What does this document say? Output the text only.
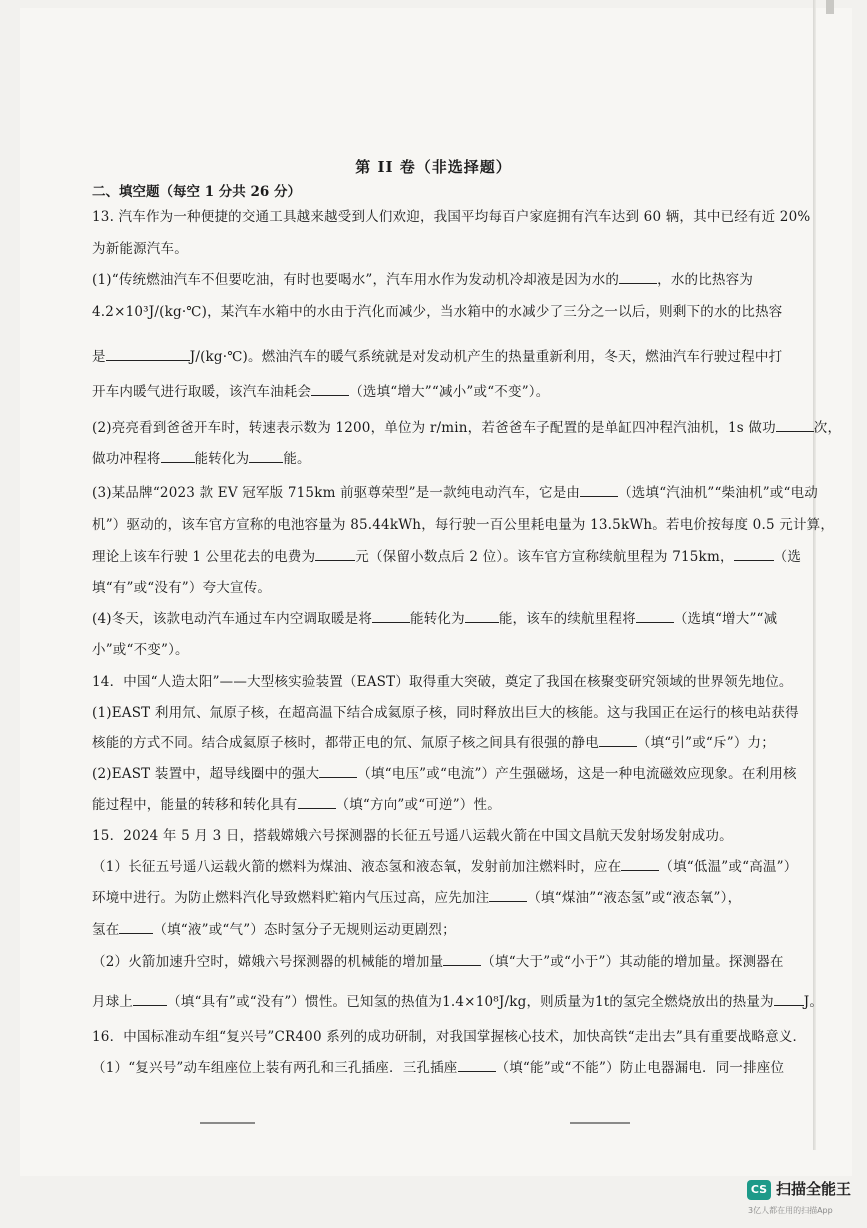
第 II 卷（非选择题）
二、填空题（每空 1 分共 26 分）
13. 汽车作为一种便捷的交通工具越来越受到人们欢迎，我国平均每百户家庭拥有汽车达到 60 辆，其中已经有近 20%
为新能源汽车。
(1)“传统燃油汽车不但要吃油，有时也要喝水”，汽车用水作为发动机冷却液是因为水的	，水的比热容为
4.2×10³J/(kg·℃)，某汽车水箱中的水由于汽化而减少，当水箱中的水减少了三分之一以后，则剩下的水的比热容
是	J/(kg·℃)。燃油汽车的暖气系统就是对发动机产生的热量重新利用，冬天，燃油汽车行驶过程中打
开车内暖气进行取暖，该汽车油耗会	（选填“增大”“减小”或“不变”）。
(2)亮亮看到爸爸开车时，转速表示数为 1200，单位为 r/min，若爸爸车子配置的是单缸四冲程汽油机，1s 做功	次，
做功冲程将	能转化为	能。
(3)某品牌“2023 款 EV 冠军版 715km 前驱尊荣型”是一款纯电动汽车，它是由	（选填“汽油机”“柴油机”或“电动
机”）驱动的，该车官方宣称的电池容量为 85.44kWh，每行驶一百公里耗电量为 13.5kWh。若电价按每度 0.5 元计算，
理论上该车行驶 1 公里花去的电费为	元（保留小数点后 2 位）。该车官方宣称续航里程为 715km，	（选
填“有”或“没有”）夸大宣传。
(4)冬天，该款电动汽车通过车内空调取暖是将	能转化为	能，该车的续航里程将	（选填“增大”“减
小”或“不变”）。
14．中国“人造太阳”——大型核实验装置（EAST）取得重大突破，奠定了我国在核聚变研究领域的世界领先地位。
(1)EAST 利用氘、氚原子核，在超高温下结合成氦原子核，同时释放出巨大的核能。这与我国正在运行的核电站获得
核能的方式不同。结合成氦原子核时，都带正电的氘、氚原子核之间具有很强的静电	（填“引”或“斥”）力；
(2)EAST 装置中，超导线圈中的强大	（填“电压”或“电流”）产生强磁场，这是一种电流磁效应现象。在利用核
能过程中，能量的转移和转化具有	（填“方向”或“可逆”）性。
15．2024 年 5 月 3 日，搭载嫦娥六号探测器的长征五号遥八运载火箭在中国文昌航天发射场发射成功。
（1）长征五号遥八运载火箭的燃料为煤油、液态氢和液态氧，发射前加注燃料时，应在	（填“低温”或“高温”）
环境中进行。为防止燃料汽化导致燃料贮箱内气压过高，应先加注	（填“煤油”“液态氢”或“液态氧”），
氢在	（填“液”或“气”）态时氢分子无规则运动更剧烈；
（2）火箭加速升空时，嫦娥六号探测器的机械能的增加量	（填“大于”或“小于”）其动能的增加量。探测器在
月球上	（填“具有”或“没有”）惯性。已知氢的热值为1.4×10⁸J/kg，则质量为1t的氢完全燃烧放出的热量为 J。
16．中国标准动车组“复兴号”CR400 系列的成功研制，对我国掌握核心技术，加快高铁“走出去”具有重要战略意义．
（1）“复兴号”动车组座位上装有两孔和三孔插座．三孔插座	（填“能”或“不能”）防止电器漏电．同一排座位
CS 扫描全能王
3亿人都在用的扫描App
